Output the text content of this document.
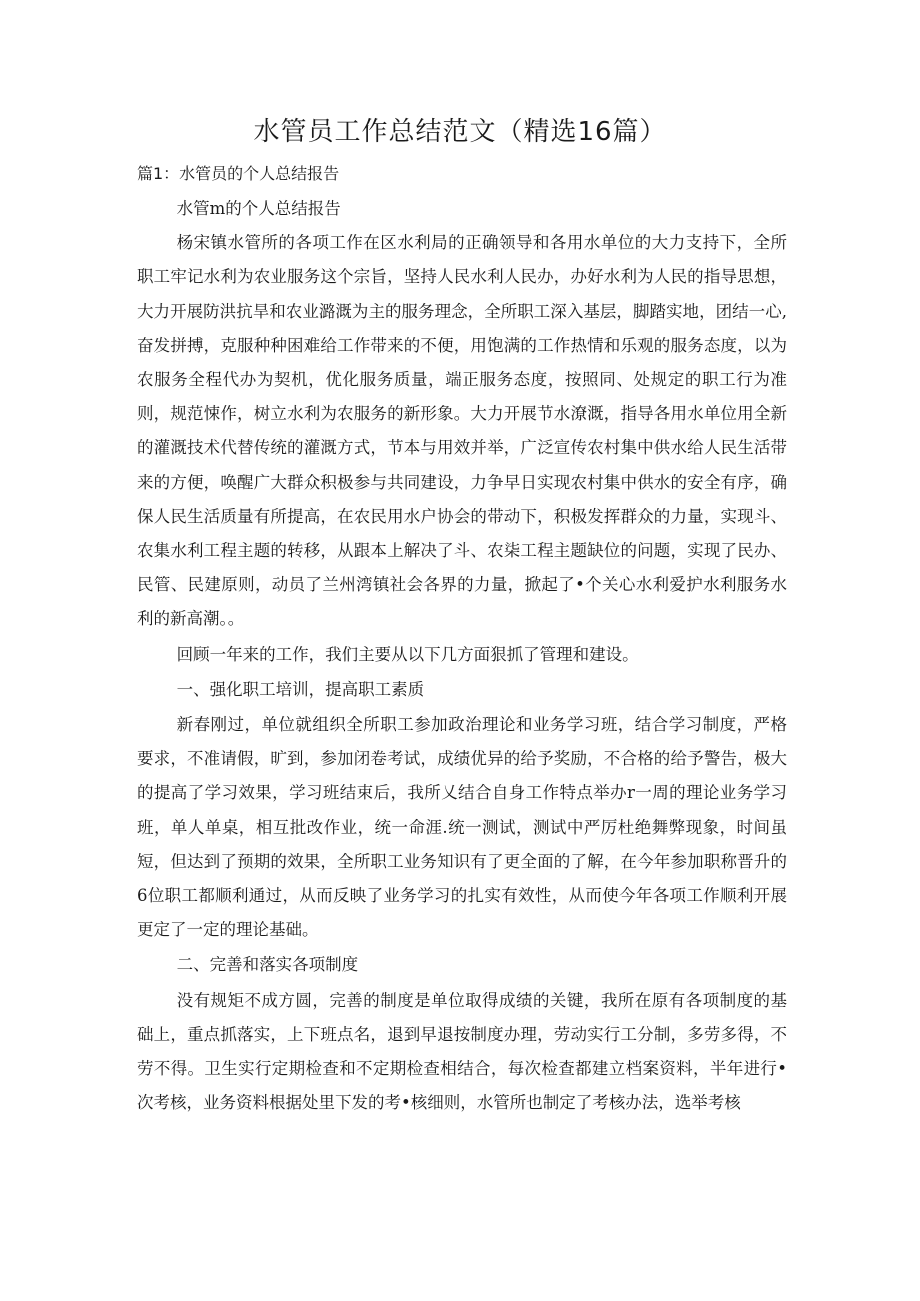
水管员工作总结范文（精选16篇）
篇1：水管员的个人总结报告

水管m的个人总结报告

杨宋镇水管所的各项工作在区水利局的正确领导和各用水单位的大力支持下，全所职工牢记水利为农业服务这个宗旨，坚持人民水利人民办，办好水利为人民的指导思想，大力开展防洪抗旱和农业潞溉为主的服务理念，全所职工深入基层，脚踏实地，团结一心,奋发拼搏，克服种种困难给工作带来的不便，用饱满的工作热情和乐观的服务态度，以为农服务全程代办为契机，优化服务质量，端正服务态度，按照同、处规定的职工行为准则，规范悚作，树立水利为农服务的新形象。大力开展节水潦溉，指导各用水单位用全新的灌溉技术代替传统的灌溉方式，节本与用效并举，广泛宣传农村集中供水给人民生活带来的方便，唤醒广大群众积极参与共同建设，力争早日实现农村集中供水的安全有序，确保人民生活质量有所提高，在农民用水户协会的带动下，积极发挥群众的力量，实现斗、农集水利工程主题的转移，从跟本上解决了斗、农柒工程主题缺位的问题，实现了民办、民管、民建原则，动员了兰州湾镇社会各界的力量，掀起了•个关心水利爱护水利服务水利的新高潮。。

回顾一年来的工作，我们主要从以下几方面狠抓了管理和建设。

一、强化职工培训，提高职工素质

新春刚过，单位就组织全所职工参加政治理论和业务学习班，结合学习制度，严格要求，不准请假，旷到，参加闭卷考试，成绩优异的给予奖励，不合格的给予警告，极大的提高了学习效果，学习班结束后，我所乂结合自身工作特点举办r一周的理论业务学习班，单人单桌，相互批改作业，统一命涯.统一测试，测试中严厉杜绝舞弊现象，时间虽短，但达到了预期的效果，全所职工业务知识有了更全面的了解，在今年参加职称晋升的6位职工都顺利通过，从而反映了业务学习的扎实有效性，从而使今年各项工作顺利开展更定了一定的理论基础。

二、完善和落实各项制度

没有规矩不成方圆，完善的制度是单位取得成绩的关键，我所在原有各项制度的基础上，重点抓落实，上下班点名，退到早退按制度办理，劳动实行工分制，多劳多得，不劳不得。卫生实行定期检查和不定期检查相结合，每次检查都建立档案资料，半年进行•次考核，业务资料根据处里下发的考•核细则，水管所也制定了考核办法，选举考核
